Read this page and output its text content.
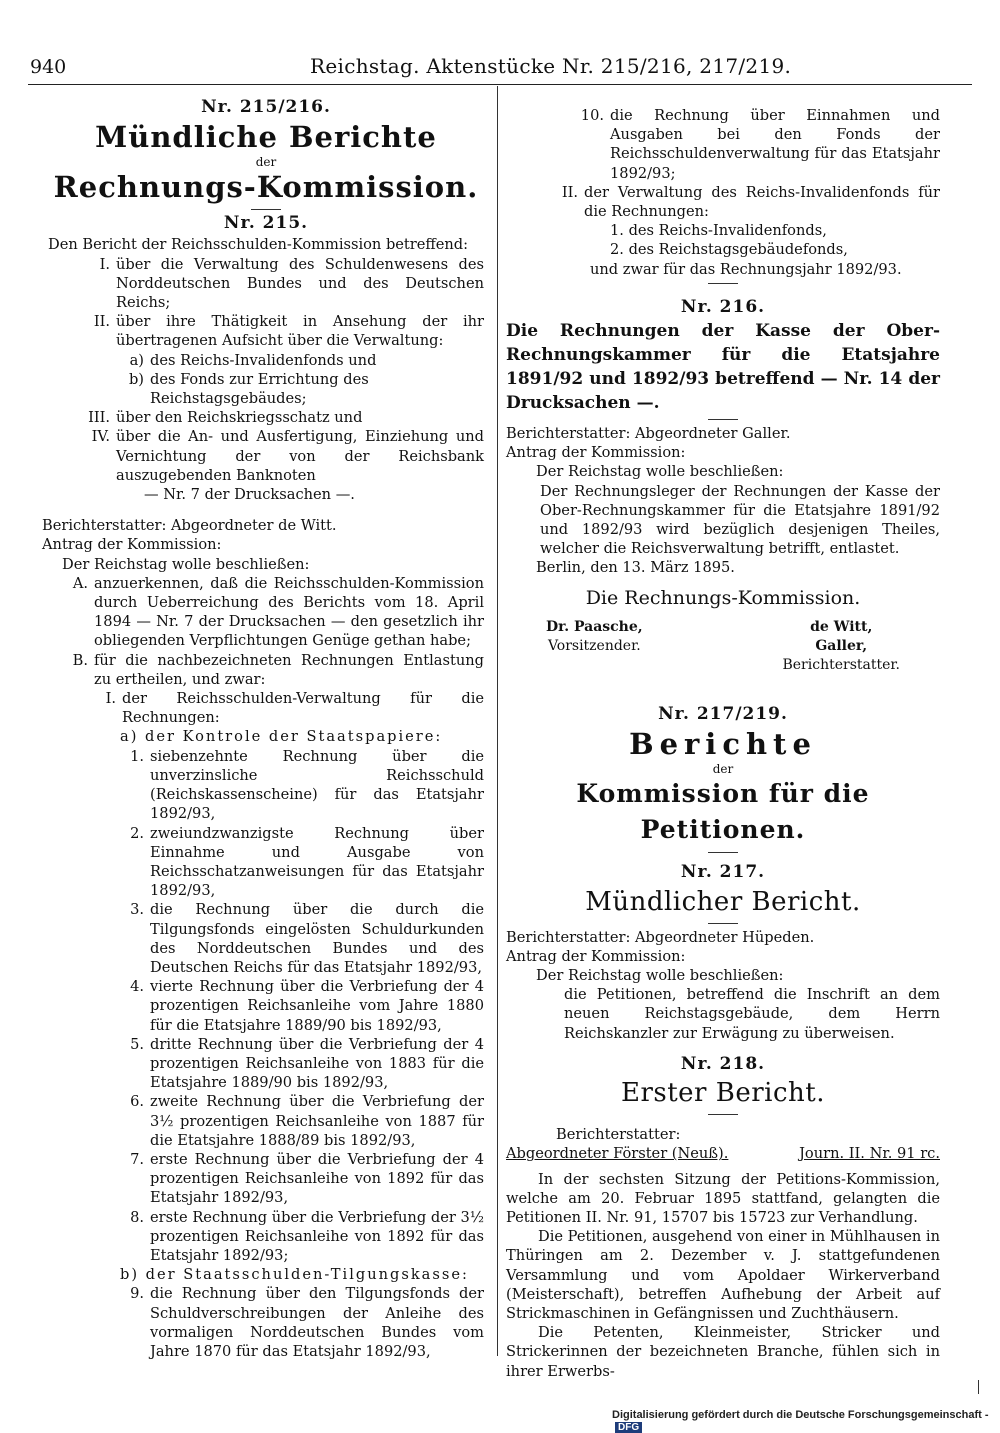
940	Reichstag. Aktenstücke Nr. 215/216, 217/219.
Nr. 215/216.
Mündliche Berichte
der
Rechnungs-Kommission.
Nr. 215.
Den Bericht der Reichsschulden-Kommission betreffend:
I. über die Verwaltung des Schuldenwesens des Norddeutschen Bundes und des Deutschen Reichs;
II. über ihre Thätigkeit in Ansehung der ihr übertragenen Aufsicht über die Verwaltung:
a) des Reichs-Invalidenfonds und
b) des Fonds zur Errichtung des Reichstagsgebäudes;
III. über den Reichskriegsschatz und
IV. über die An- und Ausfertigung, Einziehung und Vernichtung der von der Reichsbank auszugebenden Banknoten
— Nr. 7 der Drucksachen —.
Berichterstatter: Abgeordneter de Witt.
Antrag der Kommission:
Der Reichstag wolle beschließen:
A. anzuerkennen, daß die Reichsschulden-Kommission durch Ueberreichung des Berichts vom 18. April 1894 — Nr. 7 der Drucksachen — den gesetzlich ihr obliegenden Verpflichtungen Genüge gethan habe;
B. für die nachbezeichneten Rechnungen Entlastung zu ertheilen, und zwar:
I. der Reichsschulden-Verwaltung für die Rechnungen:
a) der Kontrole der Staatspapiere:
1. siebenzehnte Rechnung über die unverzinsliche Reichsschuld (Reichskassenscheine) für das Etatsjahr 1892/93,
2. zweiundzwanzigste Rechnung über Einnahme und Ausgabe von Reichsschatzanweisungen für das Etatsjahr 1892/93,
3. die Rechnung über die durch die Tilgungsfonds eingelösten Schuldurkunden des Norddeutschen Bundes und des Deutschen Reichs für das Etatsjahr 1892/93,
4. vierte Rechnung über die Verbriefung der 4 prozentigen Reichsanleihe vom Jahre 1880 für die Etatsjahre 1889/90 bis 1892/93,
5. dritte Rechnung über die Verbriefung der 4 prozentigen Reichsanleihe von 1883 für die Etatsjahre 1889/90 bis 1892/93,
6. zweite Rechnung über die Verbriefung der 3½ prozentigen Reichsanleihe von 1887 für die Etatsjahre 1888/89 bis 1892/93,
7. erste Rechnung über die Verbriefung der 4 prozentigen Reichsanleihe von 1892 für das Etatsjahr 1892/93,
8. erste Rechnung über die Verbriefung der 3½ prozentigen Reichsanleihe von 1892 für das Etatsjahr 1892/93;
b) der Staatsschulden-Tilgungskasse:
9. die Rechnung über den Tilgungsfonds der Schuldverschreibungen der Anleihe des vormaligen Norddeutschen Bundes vom Jahre 1870 für das Etatsjahr 1892/93,
10. die Rechnung über Einnahmen und Ausgaben bei den Fonds der Reichsschuldenverwaltung für das Etatsjahr 1892/93;
II. der Verwaltung des Reichs-Invalidenfonds für die Rechnungen:
1. des Reichs-Invalidenfonds,
2. des Reichstagsgebäudefonds,
und zwar für das Rechnungsjahr 1892/93.
Nr. 216.
Die Rechnungen der Kasse der Ober-Rechnungskammer für die Etatsjahre 1891/92 und 1892/93 betreffend — Nr. 14 der Drucksachen —.
Berichterstatter: Abgeordneter Galler.
Antrag der Kommission:
Der Reichstag wolle beschließen:
Der Rechnungsleger der Rechnungen der Kasse der Ober-Rechnungskammer für die Etatsjahre 1891/92 und 1892/93 wird bezüglich desjenigen Theiles, welcher die Reichsverwaltung betrifft, entlastet.
Berlin, den 13. März 1895.
Die Rechnungs-Kommission.
Dr. Paasche,
Vorsitzender.
de Witt,
Galler,
Berichterstatter.
Nr. 217/219.
Berichte
der
Kommission für die Petitionen.
Nr. 217.
Mündlicher Bericht.
Berichterstatter: Abgeordneter Hüpeden.
Antrag der Kommission:
Der Reichstag wolle beschließen:
die Petitionen, betreffend die Inschrift an dem neuen Reichstagsgebäude, dem Herrn Reichskanzler zur Erwägung zu überweisen.
Nr. 218.
Erster Bericht.
Berichterstatter:
Abgeordneter Förster (Neuß).	Journ. II. Nr. 91 rc.
In der sechsten Sitzung der Petitions-Kommission, welche am 20. Februar 1895 stattfand, gelangten die Petitionen II. Nr. 91, 15707 bis 15723 zur Verhandlung.
Die Petitionen, ausgehend von einer in Mühlhausen in Thüringen am 2. Dezember v. J. stattgefundenen Versammlung und vom Apoldaer Wirkerverband (Meisterschaft), betreffen Aufhebung der Arbeit auf Strickmaschinen in Gefängnissen und Zuchthäusern.
Die Petenten, Kleinmeister, Stricker und Strickerinnen der bezeichneten Branche, fühlen sich in ihrer Erwerbs-
Digitalisierung gefördert durch die Deutsche Forschungsgemeinschaft -DFG
